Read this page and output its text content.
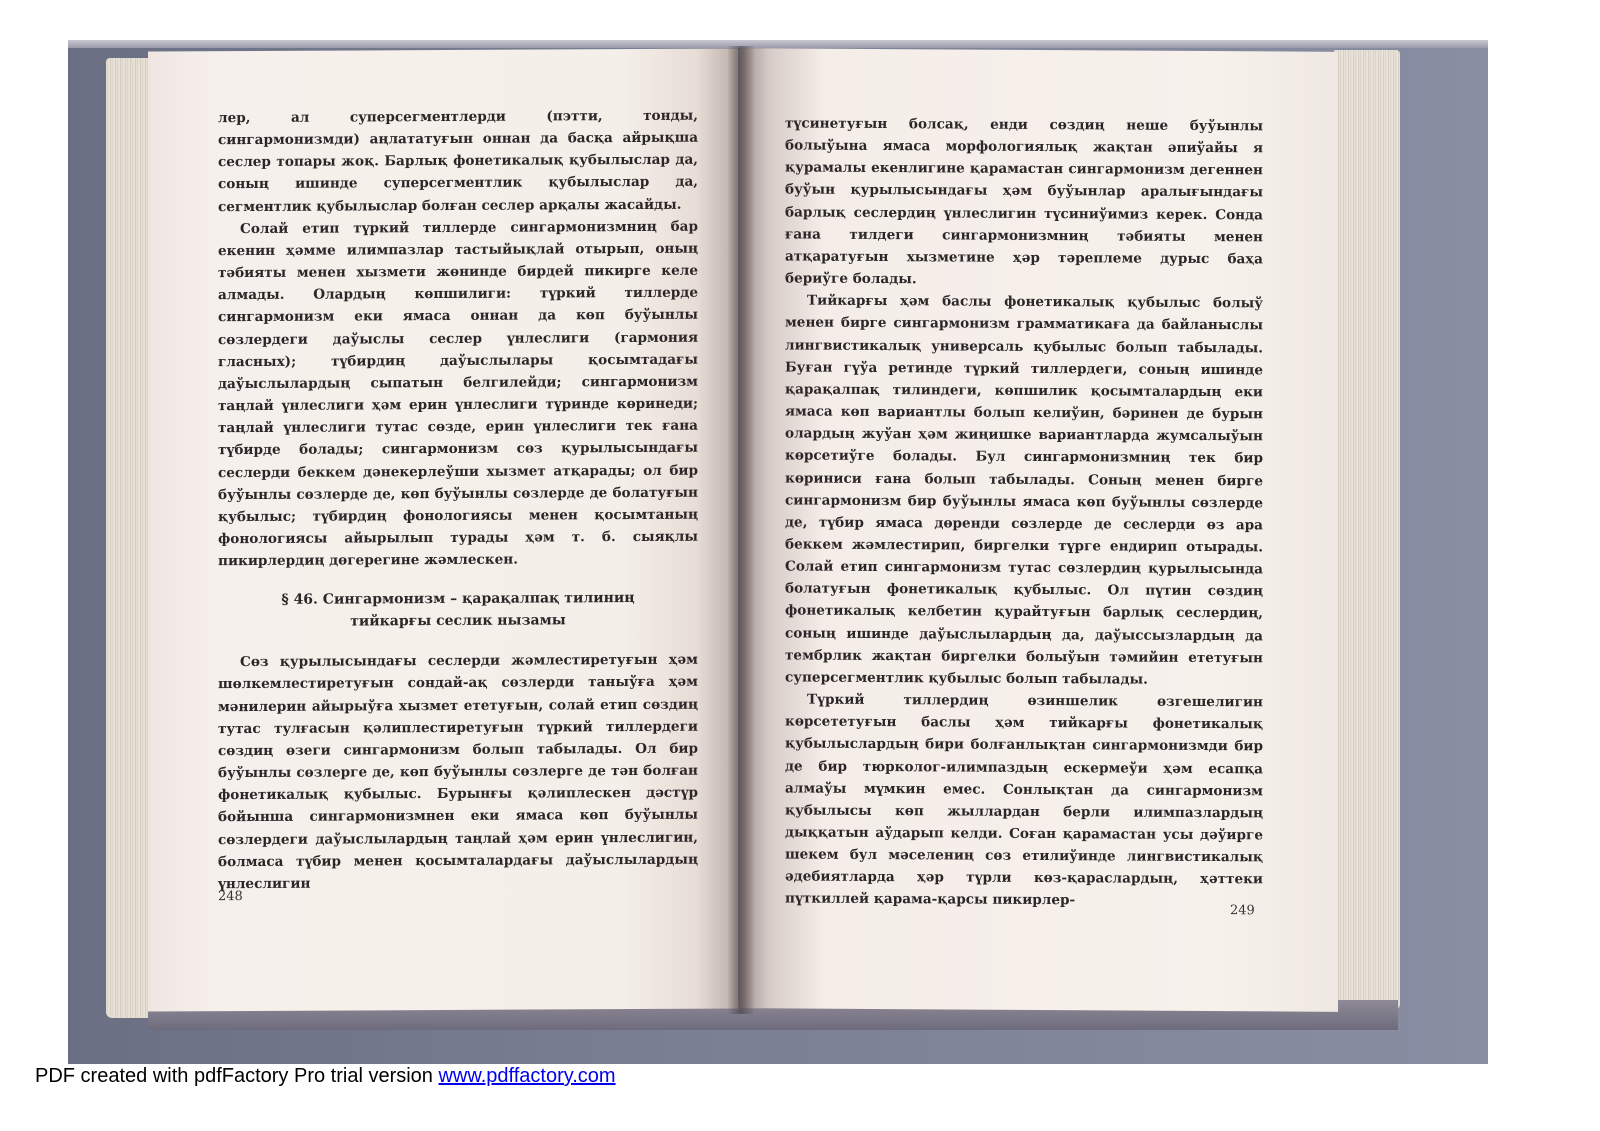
лер, ал суперсегментлерди (пэтти, тонды, сингармонизмди) аңлататуғын оннан да басқа айрықша сеслер топары жоқ. Барлық фонетикалық қубылыслар да, соның ишинде суперсегментлик қубылыслар да, сегментлик қубылыслар болған сеслер арқалы жасайды.

Солай етип түркий тиллерде сингармонизмниң бар екенин ҳәмме илимпазлар тастыйықлай отырып, оның тәбияты менен хызмети жөнинде бирдей пикирге келе алмады. Олардың көпшилиги: түркий тиллерде сингармонизм еки ямаса оннан да көп буўынлы сөзлердеги даўыслы сеслер үнлеслиги (гармония гласных); түбирдиң даўыслылары қосымтадағы даўыслылардың сыпатын белгилейди; сингармонизм таңлай үнлеслиги ҳәм ерин үнлеслиги түринде көринеди; таңлай үнлеслиги тутас сөзде, ерин үнлеслиги тек ғана түбирде болады; сингармонизм сөз қурылысындағы сеслерди беккем дәнекерлеўши хызмет атқарады; ол бир буўынлы сөзлерде де, көп буўынлы сөзлерде де болатуғын қубылыс; түбирдиң фонологиясы менен қосымтаның фонологиясы айырылып турады ҳәм т. б. сыяқлы пикирлердиң дөгерегине жәмлескен.

§ 46. Сингармонизм – қарақалпақ тилиниң тийкарғы сеслик нызамы

Сөз қурылысындағы сеслерди жәмлестиретуғын ҳәм шөлкемлестиретуғын сондай-ақ сөзлерди таныўға ҳәм мәнилерин айырыўға хызмет ететуғын, солай етип сөздиң тутас тулғасын қәлиплестиретуғын түркий тиллердеги сөздиң өзеги сингармонизм болып табылады. Ол бир буўынлы сөзлерге де, көп буўынлы сөзлерге де тән болған фонетикалық қубылыс. Бурынғы қәлиплескен дәстүр бойынша сингармонизмнен еки ямаса көп буўынлы сөзлердеги даўыслылардың таңлай ҳәм ерин үнлеслигин, болмаса түбир менен қосымталардағы даўыслылардың үнлеслигин

248

түсинетуғын болсақ, енди сөздиң неше буўынлы болыўына ямаса морфологиялық жақтан әпиўайы я қурамалы екенлигине қарамастан сингармонизм дегеннен буўын қурылысындағы ҳәм буўынлар аралығындағы барлық сеслердиң үнлеслигин түсиниўимиз керек. Сонда ғана тилдеги сингармонизмниң тәбияты менен атқаратуғын хызметине ҳәр тәреплеме дурыс баҳа бериўге болады.

Тийкарғы ҳәм баслы фонетикалық қубылыс болыў менен бирге сингармонизм грамматикаға да байланыслы лингвистикалық универсаль қубылыс болып табылады. Буған гүўа ретинде түркий тиллердеги, соның ишинде қарақалпақ тилиндеги, көпшилик қосымталардың еки ямаса көп вариантлы болып келиўин, бәринен де бурын олардың жуўан ҳәм жиңишке вариантларда жумсалыўын көрсетиўге болады. Бул сингармонизмниң тек бир көриниси ғана болып табылады. Соның менен бирге сингармонизм бир буўынлы ямаса көп буўынлы сөзлерде де, түбир ямаса дөренди сөзлерде де сеслерди өз ара беккем жәмлестирип, биргелки түрге ендирип отырады. Солай етип сингармонизм тутас сөзлердиң қурылысында болатуғын фонетикалық қубылыс. Ол пүтин сөздиң фонетикалық келбетин қурайтуғын барлық сеслердиң, соның ишинде даўыслылардың да, даўыссызлардың да тембрлик жақтан биргелки болыўын тәмийин ететуғын суперсегментлик қубылыс болып табылады.

Түркий тиллердиң өзиншелик өзгешелигин көрсететуғын баслы ҳәм тийкарғы фонетикалық қубылыслардың бири болғанлықтан сингармонизмди бир де бир тюрколог-илимпаздың ескермеўи ҳәм есапқа алмаўы мүмкин емес. Сонлықтан да сингармонизм қубылысы көп жыллардан берли илимпазлардың дыққатын аўдарып келди. Соған қарамастан усы дәўирге шекем бул мәселениң сөз етилиўинде лингвистикалық әдебиятларда ҳәр түрли көз-қарaслардың, ҳәттеки пүткиллей қарама-қарсы пикирлер-

249
PDF created with pdfFactory Pro trial version www.pdffactory.com
